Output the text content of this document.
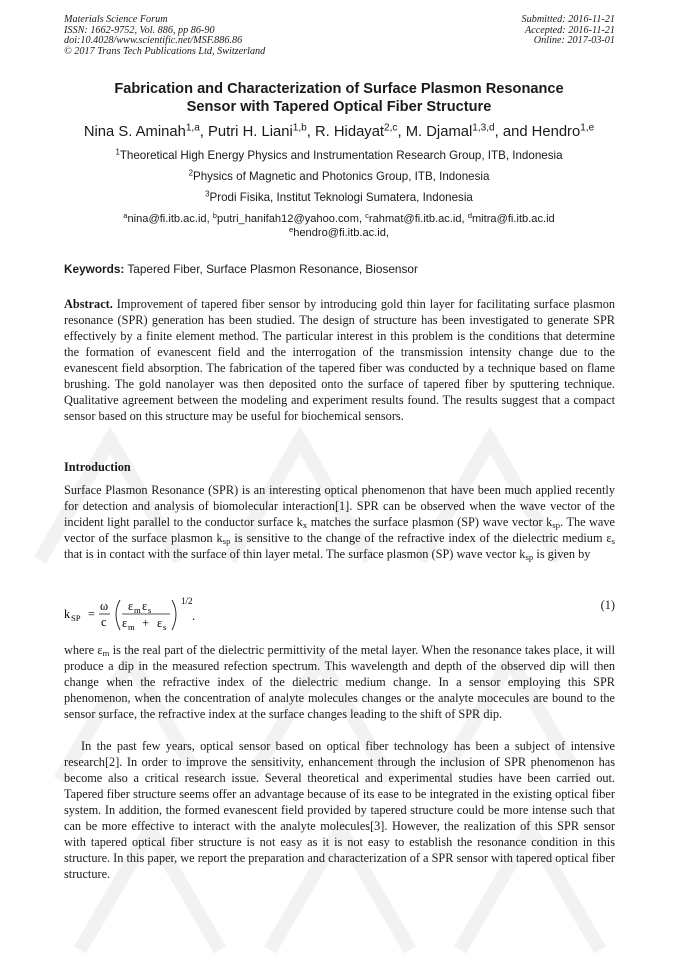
Materials Science Forum
ISSN: 1662-9752, Vol. 886, pp 86-90
doi:10.4028/www.scientific.net/MSF.886.86
© 2017 Trans Tech Publications Ltd, Switzerland
Submitted: 2016-11-21
Accepted: 2016-11-21
Online: 2017-03-01
Fabrication and Characterization of Surface Plasmon Resonance
Sensor with Tapered Optical Fiber Structure
Nina S. Aminah$^{1,a}$, Putri H. Liani$^{1,b}$, R. Hidayat$^{2,c}$, M. Djamal$^{1,3,d}$, and Hendro$^{1,e}$
$^1$Theoretical High Energy Physics and Instrumentation Research Group, ITB, Indonesia
$^2$Physics of Magnetic and Photonics Group, ITB, Indonesia
$^3$Prodi Fisika, Institut Teknologi Sumatera, Indonesia
$^a$nina@fi.itb.ac.id, $^b$putri_hanifah12@yahoo.com, $^c$rahmat@fi.itb.ac.id, $^d$mitra@fi.itb.ac.id
$^e$hendro@fi.itb.ac.id,
Keywords: Tapered Fiber, Surface Plasmon Resonance, Biosensor
Abstract. Improvement of tapered fiber sensor by introducing gold thin layer for facilitating surface plasmon resonance (SPR) generation has been studied. The design of structure has been investigated to generate SPR effectively by a finite element method. The particular interest in this problem is the conditions that determine the formation of evanescent field and the interrogation of the transmission intensity change due to the evanescent field absorption. The fabrication of the tapered fiber was conducted by a technique based on flame brushing. The gold nanolayer was then deposited onto the surface of tapered fiber by sputtering technique. Qualitative agreement between the modeling and experiment results found. The results suggest that a compact sensor based on this structure may be useful for biochemical sensors.
Introduction
Surface Plasmon Resonance (SPR) is an interesting optical phenomenon that have been much applied recently for detection and analysis of biomolecular interaction[1]. SPR can be observed when the wave vector of the incident light parallel to the conductor surface $k_x$ matches the surface plasmon (SP) wave vector $k_{sp}$. The wave vector of the surface plasmon $k_{sp}$ is sensitive to the change of the refractive index of the dielectric medium $\varepsilon_s$ that is in contact with the surface of thin layer metal. The surface plasmon (SP) wave vector $k_{sp}$ is given by
k SP =
ω
c
ε m ε s
ε m + ε s
1/2
.
(1)
where $\varepsilon_m$ is the real part of the dielectric permittivity of the metal layer. When the resonance takes place, it will produce a dip in the measured refection spectrum. This wavelength and depth of the observed dip will then change when the refractive index of the dielectric medium change. In a sensor employing this SPR phenomenon, when the concentration of analyte molecules changes or the analyte mocecules are bound to the sensor surface, the refractive index at the surface changes leading to the shift of SPR dip.
In the past few years, optical sensor based on optical fiber technology has been a subject of intensive research[2]. In order to improve the sensitivity, enhancement through the inclusion of SPR phenomenon has become also a critical research issue. Several theoretical and experimental studies have been carried out. Tapered fiber structure seems offer an advantage because of its ease to be integrated in the existing optical fiber system. In addition, the formed evanescent field provided by tapered structure could be more intense such that can be more effective to interact with the analyte molecules[3]. However, the realization of this SPR sensor with tapered optical fiber structure is not easy as it is not easy to establish the resonance condition in this structure. In this paper, we report the preparation and characterization of a SPR sensor with tapered optical fiber structure.
